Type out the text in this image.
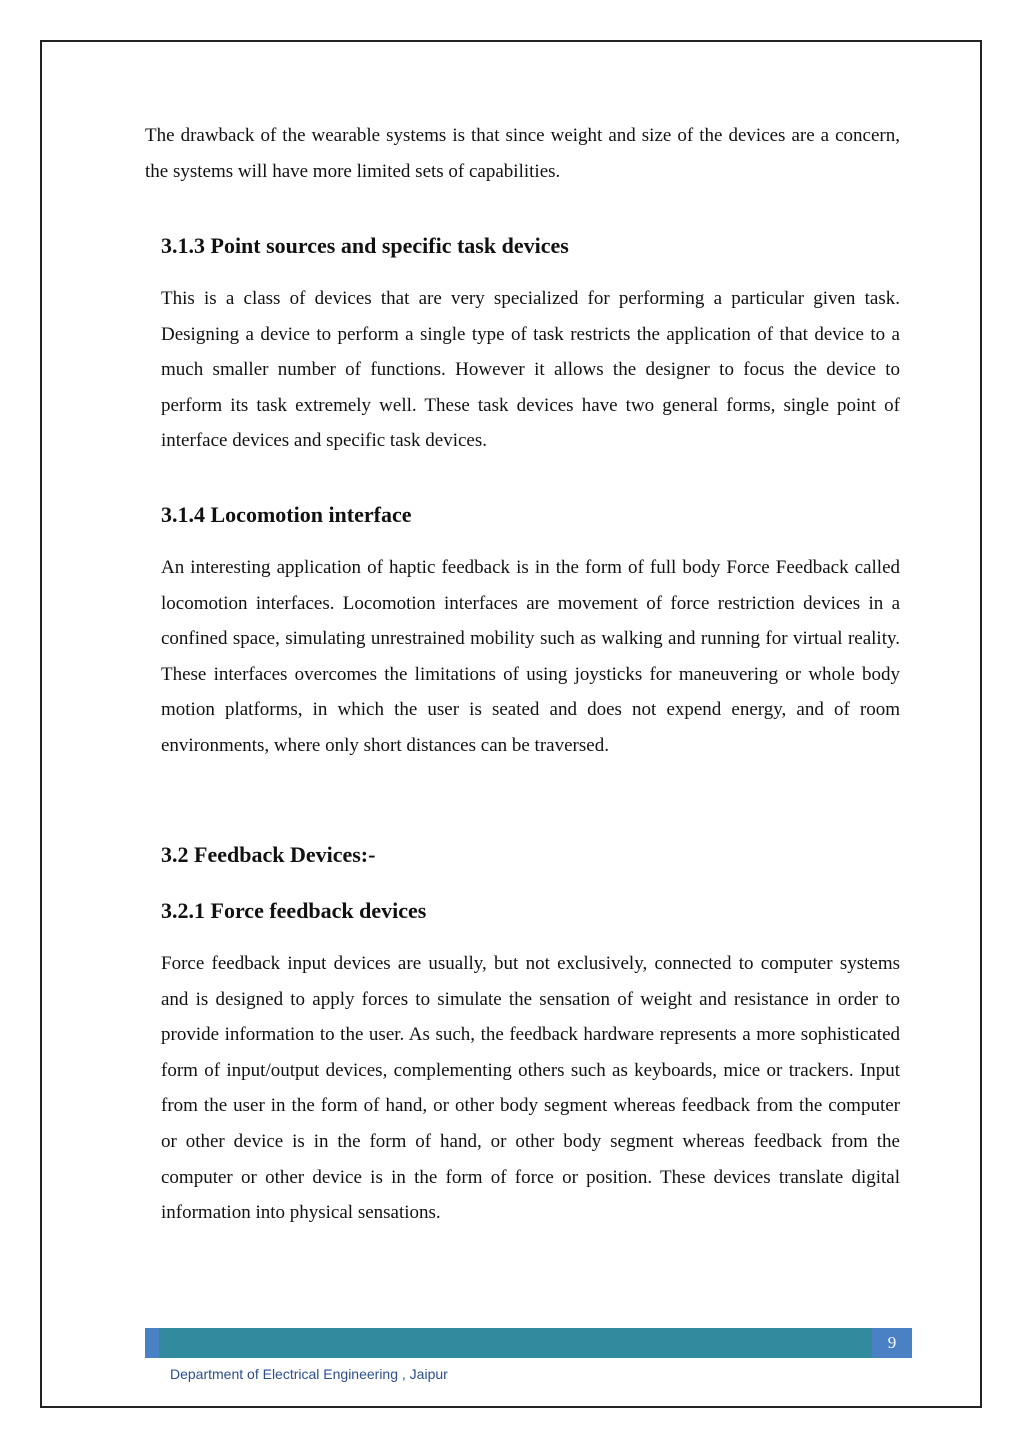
The drawback of the wearable systems is that since weight and size of the devices are a concern, the systems will have more limited sets of capabilities.

3.1.3 Point sources and specific task devices

This is a class of devices that are very specialized for performing a particular given task. Designing a device to perform a single type of task restricts the application of that device to a much smaller number of functions. However it allows the designer to focus the device to perform its task extremely well. These task devices have two general forms, single point of interface devices and specific task devices.

3.1.4 Locomotion interface

An interesting application of haptic feedback is in the form of full body Force Feedback called locomotion interfaces. Locomotion interfaces are movement of force restriction devices in a confined space, simulating unrestrained mobility such as walking and running for virtual reality. These interfaces overcomes the limitations of using joysticks for maneuvering or whole body motion platforms, in which the user is seated and does not expend energy, and of room environments, where only short distances can be traversed.

3.2 Feedback Devices:-
3.2.1 Force feedback devices

Force feedback input devices are usually, but not exclusively, connected to computer systems and is designed to apply forces to simulate the sensation of weight and resistance in order to provide information to the user. As such, the feedback hardware represents a more sophisticated form of input/output devices, complementing others such as keyboards, mice or trackers. Input from the user in the form of hand, or other body segment whereas feedback from the computer or other device is in the form of hand, or other body segment whereas feedback from the computer or other device is in the form of force or position. These devices translate digital information into physical sensations.

9
Department of Electrical Engineering , Jaipur
